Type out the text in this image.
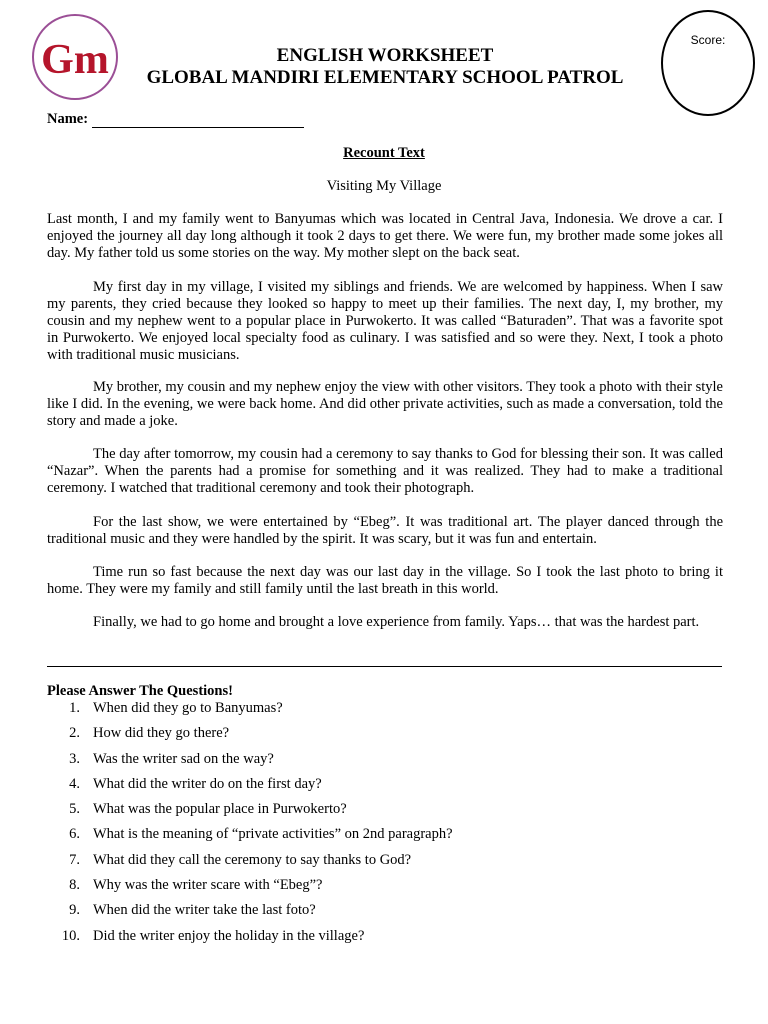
Gm	ENGLISH WORKSHEET
GLOBAL MANDIRI ELEMENTARY SCHOOL PATROL
Score:
Name:
Recount Text
Visiting My Village

Last month, I and my family went to Banyumas which was located in Central Java, Indonesia. We drove a car. I enjoyed the journey all day long although it took 2 days to get there. We were fun, my brother made some jokes all day. My father told us some stories on the way. My mother slept on the back seat.

My first day in my village, I visited my siblings and friends. We are welcomed by happiness. When I saw my parents, they cried because they looked so happy to meet up their families. The next day, I, my brother, my cousin and my nephew went to a popular place in Purwokerto. It was called “Baturaden”. That was a favorite spot in Purwokerto. We enjoyed local specialty food as culinary. I was satisfied and so were they. Next, I took a photo with traditional music musicians.

My brother, my cousin and my nephew enjoy the view with other visitors. They took a photo with their style like I did. In the evening, we were back home. And did other private activities, such as made a conversation, told the story and made a joke.

The day after tomorrow, my cousin had a ceremony to say thanks to God for blessing their son. It was called “Nazar”. When the parents had a promise for something and it was realized. They had to make a traditional ceremony. I watched that traditional ceremony and took their photograph.

For the last show, we were entertained by “Ebeg”. It was traditional art. The player danced through the traditional music and they were handled by the spirit. It was scary, but it was fun and entertain.

Time run so fast because the next day was our last day in the village. So I took the last photo to bring it home. They were my family and still family until the last breath in this world.

Finally, we had to go home and brought a love experience from family. Yaps… that was the hardest part.

Please Answer The Questions!
1. When did they go to Banyumas?
2. How did they go there?
3. Was the writer sad on the way?
4. What did the writer do on the first day?
5. What was the popular place in Purwokerto?
6. What is the meaning of “private activities” on 2nd paragraph?
7. What did they call the ceremony to say thanks to God?
8. Why was the writer scare with “Ebeg”?
9. When did the writer take the last foto?
10. Did the writer enjoy the holiday in the village?
